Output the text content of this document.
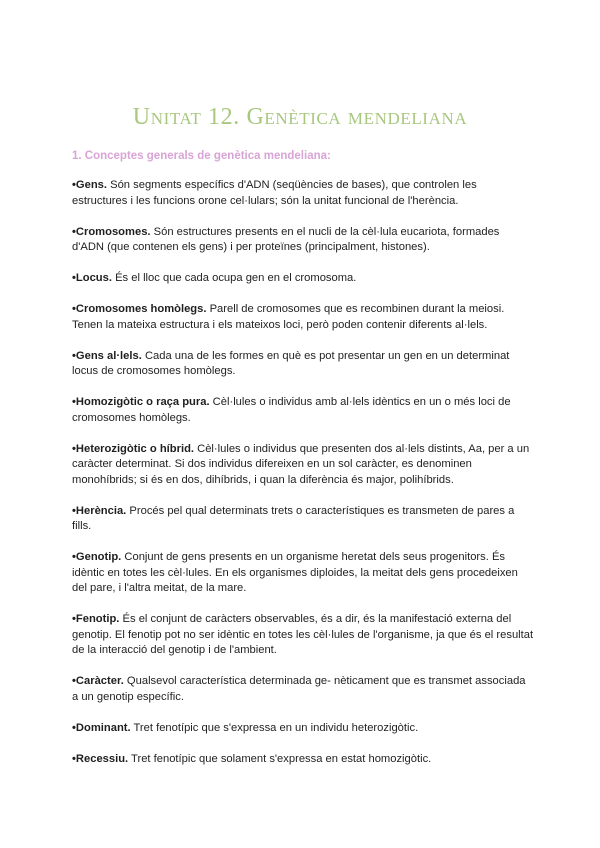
Unitat 12. Genètica mendeliana
1. Conceptes generals de genètica mendeliana:

•Gens. Són segments específics d'ADN (seqüències de bases), que controlen les estructures i les funcions orone cel·lulars; són la unitat funcional de l'herència.

•Cromosomes. Són estructures presents en el nucli de la cèl·lula eucariota, formades d'ADN (que contenen els gens) i per proteïnes (principalment, histones).

•Locus. És el lloc que cada ocupa gen en el cromosoma.

•Cromosomes homòlegs. Parell de cromosomes que es recombinen durant la meiosi. Tenen la mateixa estructura i els mateixos loci, però poden contenir diferents al·lels.

•Gens al·lels. Cada una de les formes en què es pot presentar un gen en un determinat locus de cromosomes homòlegs.

•Homozigòtic o raça pura. Cèl·lules o individus amb al·lels idèntics en un o més loci de cromosomes homòlegs.

•Heterozigòtic o híbrid. Cèl·lules o individus que presenten dos al·lels distints, Aa, per a un caràcter determinat. Si dos individus difereixen en un sol caràcter, es denominen monohíbrids; si és en dos, dihíbrids, i quan la diferència és major, polihíbrids.

•Herència. Procés pel qual determinats trets o característiques es transmeten de pares a fills.

•Genotip. Conjunt de gens presents en un organisme heretat dels seus progenitors. És idèntic en totes les cèl·lules. En els organismes diploides, la meitat dels gens procedeixen del pare, i l'altra meitat, de la mare.

•Fenotip. És el conjunt de caràcters observables, és a dir, és la manifestació externa del genotip. El fenotip pot no ser idèntic en totes les cèl·lules de l'organisme, ja que és el resultat de la interacció del genotip i de l'ambient.

•Caràcter. Qualsevol característica determinada ge- nèticament que es transmet associada a un genotip específic.

•Dominant. Tret fenotípic que s'expressa en un individu heterozigòtic.

•Recessiu. Tret fenotípic que solament s'expressa en estat homozigòtic.
